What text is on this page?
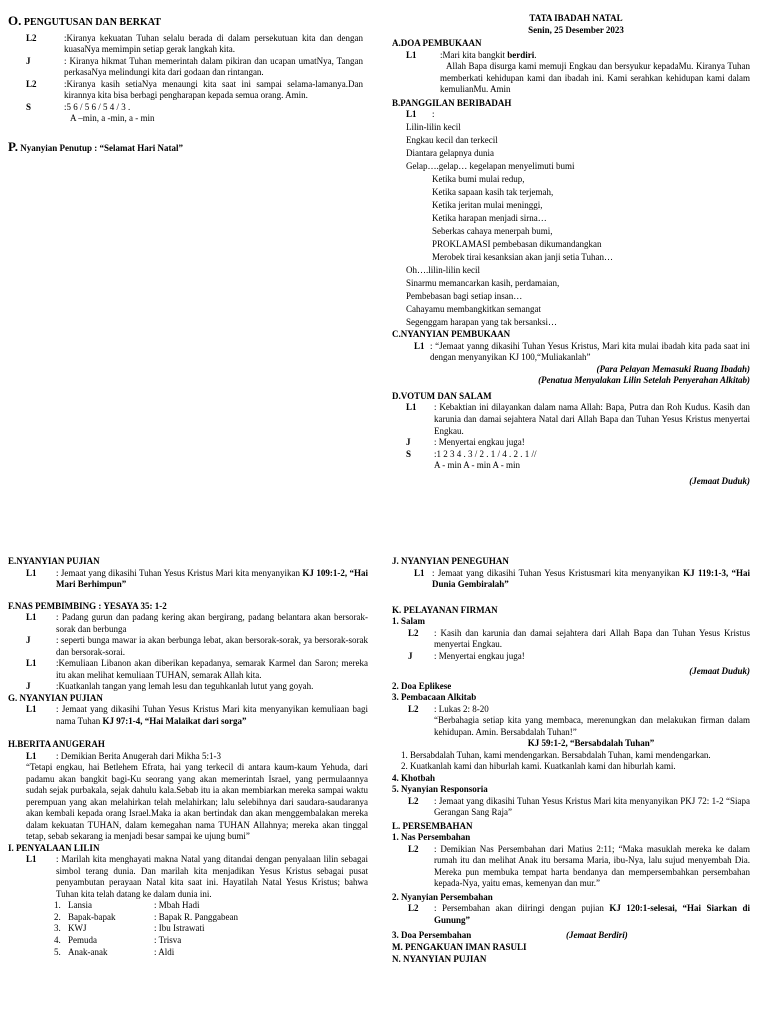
O. PENGUTUSAN DAN BERKAT
L2	:Kiranya kekuatan Tuhan selalu berada di dalam persekutuan kita dan dengan kuasaNya memimpin setiap gerak langkah kita.
J	: Kiranya hikmat Tuhan memerintah dalam pikiran dan ucapan umatNya, Tangan perkasaNya melindungi kita dari godaan dan rintangan.
L2	:Kiranya kasih setiaNya menaungi kita saat ini sampai selama-lamanya.Dan kirannya kita bisa berbagi pengharapan kepada semua orang. Amin.
S	:5 6 / 5 6 / 5 4 / 3 .
A –min, a -min, a - min
P. Nyanyian Penutup : “Selamat Hari Natal”
TATA IBADAH NATAL
Senin, 25 Desember 2023
A.DOA PEMBUKAAN
L1	:Mari kita bangkit berdiri.
Allah Bapa disurga kami memuji Engkau dan bersyukur kepadaMu. Kiranya Tuhan memberkati kehidupan kami dan ibadah ini. Kami serahkan kehidupan kami dalam kemulianMu. Amin
B.PANGGILAN BERIBADAH
L1 :
Lilin-lilin kecil
Engkau kecil dan terkecil
Diantara gelapnya dunia
Gelap….gelap… kegelapan menyelimuti bumi
Ketika bumi mulai redup,
Ketika sapaan kasih tak terjemah,
Ketika jeritan mulai meninggi,
Ketika harapan menjadi sirna…
Seberkas cahaya menerpah bumi,
PROKLAMASI pembebasan dikumandangkan
Merobek tirai kesanksian akan janji setia Tuhan…
Oh….lilin-lilin kecil
Sinarmu memancarkan kasih, perdamaian,
Pembebasan bagi setiap insan…
Cahayamu membangkitkan semangat
Segenggam harapan yang tak bersanksi…
C.NYANYIAN PEMBUKAAN
L1 : “Jemaat yanng dikasihi Tuhan Yesus Kristus, Mari kita mulai ibadah kita pada saat ini dengan menyanyikan KJ 100,“Muliakanlah”
(Para Pelayan Memasuki Ruang Ibadah)
(Penatua Menyalakan Lilin Setelah Penyerahan Alkitab)
D.VOTUM DAN SALAM
L1	: Kebaktian ini dilayankan dalam nama Allah: Bapa, Putra dan Roh Kudus. Kasih dan karunia dan damai sejahtera Natal dari Allah Bapa dan Tuhan Yesus Kristus menyertai Engkau.
J	: Menyertai engkau juga!
S	:1 2 3 4 . 3 / 2 . 1 / 4 . 2 . 1 //
A - min A - min A - min
(Jemaat Duduk)
E.NYANYIAN PUJIAN
L1	: Jemaat yang dikasihi Tuhan Yesus Kristus Mari kita menyanyikan KJ 109:1-2, “Hai Mari Berhimpun”
F.NAS PEMBIMBING : YESAYA 35: 1-2
L1	: Padang gurun dan padang kering akan bergirang, padang belantara akan bersorak-sorak dan berbunga
J	: seperti bunga mawar ia akan berbunga lebat, akan bersorak-sorak, ya bersorak-sorak dan bersorak-sorai.
L1	:Kemuliaan Libanon akan diberikan kepadanya, semarak Karmel dan Saron; mereka itu akan melihat kemuliaan TUHAN, semarak Allah kita.
J	:Kuatkanlah tangan yang lemah lesu dan teguhkanlah lutut yang goyah.
G. NYANYIAN PUJIAN
L1	: Jemaat yang dikasihi Tuhan Yesus Kristus Mari kita menyanyikan kemuliaan bagi nama Tuhan KJ 97:1-4, “Hai Malaikat dari sorga”
H.BERITA ANUGERAH
L1	: Demikian Berita Anugerah dari Mikha 5:1-3

“Tetapi engkau, hai Betlehem Efrata, hai yang terkecil di antara kaum-kaum Yehuda, dari padamu akan bangkit bagi-Ku seorang yang akan memerintah Israel, yang permulaannya sudah sejak purbakala, sejak dahulu kala.Sebab itu ia akan membiarkan mereka sampai waktu perempuan yang akan melahirkan telah melahirkan; lalu selebihnya dari saudara-saudaranya akan kembali kepada orang Israel.Maka ia akan bertindak dan akan menggembalakan mereka dalam kekuatan TUHAN, dalam kemegahan nama TUHAN Allahnya; mereka akan tinggal tetap, sebab sekarang ia menjadi besar sampai ke ujung bumi”

I. PENYALAAN LILIN
L1	: Marilah kita menghayati makna Natal yang ditandai dengan penyalaan lilin sebagai simbol terang dunia. Dan marilah kita menjadikan Yesus Kristus sebagai pusat penyambutan perayaan Natal kita saat ini. Hayatilah Natal Yesus Kristus; bahwa Tuhan kita telah datang ke dalam dunia ini.
1. Lansia	: Mbah Hadi
2. Bapak-bapak	: Bapak R. Panggabean
3. KWJ	: Ibu Istrawati
4. Pemuda	: Trisva
5. Anak-anak	: Aldi
J. NYANYIAN PENEGUHAN
L1 : Jemaat yang dikasihi Tuhan Yesus Kristusmari kita menyanyikan KJ 119:1-3, “Hai Dunia Gembiralah”
K. PELAYANAN FIRMAN
1. Salam
L2	: Kasih dan karunia dan damai sejahtera dari Allah Bapa dan Tuhan Yesus Kristus menyertai Engkau.
J	: Menyertai engkau juga!
(Jemaat Duduk)
2. Doa Eplikese
3. Pembacaan Alkitab
L2	: Lukas 2: 8-20

“Berbahagia setiap kita yang membaca, merenungkan dan melakukan firman dalam kehidupan. Amin. Bersabdalah Tuhan!”

KJ 59:1-2, “Bersabdalah Tuhan”
1. Bersabdalah Tuhan, kami mendengarkan. Bersabdalah Tuhan, kami mendengarkan.
2. Kuatkanlah kami dan hiburlah kami. Kuatkanlah kami dan hiburlah kami.
4. Khotbah
5. Nyanyian Responsoria
L2	: Jemaat yang dikasihi Tuhan Yesus Kristus Mari kita menyanyikan PKJ 72: 1-2 “Siapa Gerangan Sang Raja”
L. PERSEMBAHAN
1. Nas Persembahan
L2	: Demikian Nas Persembahan dari Matius 2:11; “Maka masuklah mereka ke dalam rumah itu dan melihat Anak itu bersama Maria, ibu-Nya, lalu sujud menyembah Dia. Mereka pun membuka tempat harta bendanya dan mempersembahkan persembahan kepada-Nya, yaitu emas, kemenyan dan mur.”
2. Nyanyian Persembahan
L2	: Persembahan akan diiringi dengan pujian KJ 120:1-selesai, “Hai Siarkan di Gunung”
3. Doa Persembahan	(Jemaat Berdiri)
M. PENGAKUAN IMAN RASULI
N. NYANYIAN PUJIAN
